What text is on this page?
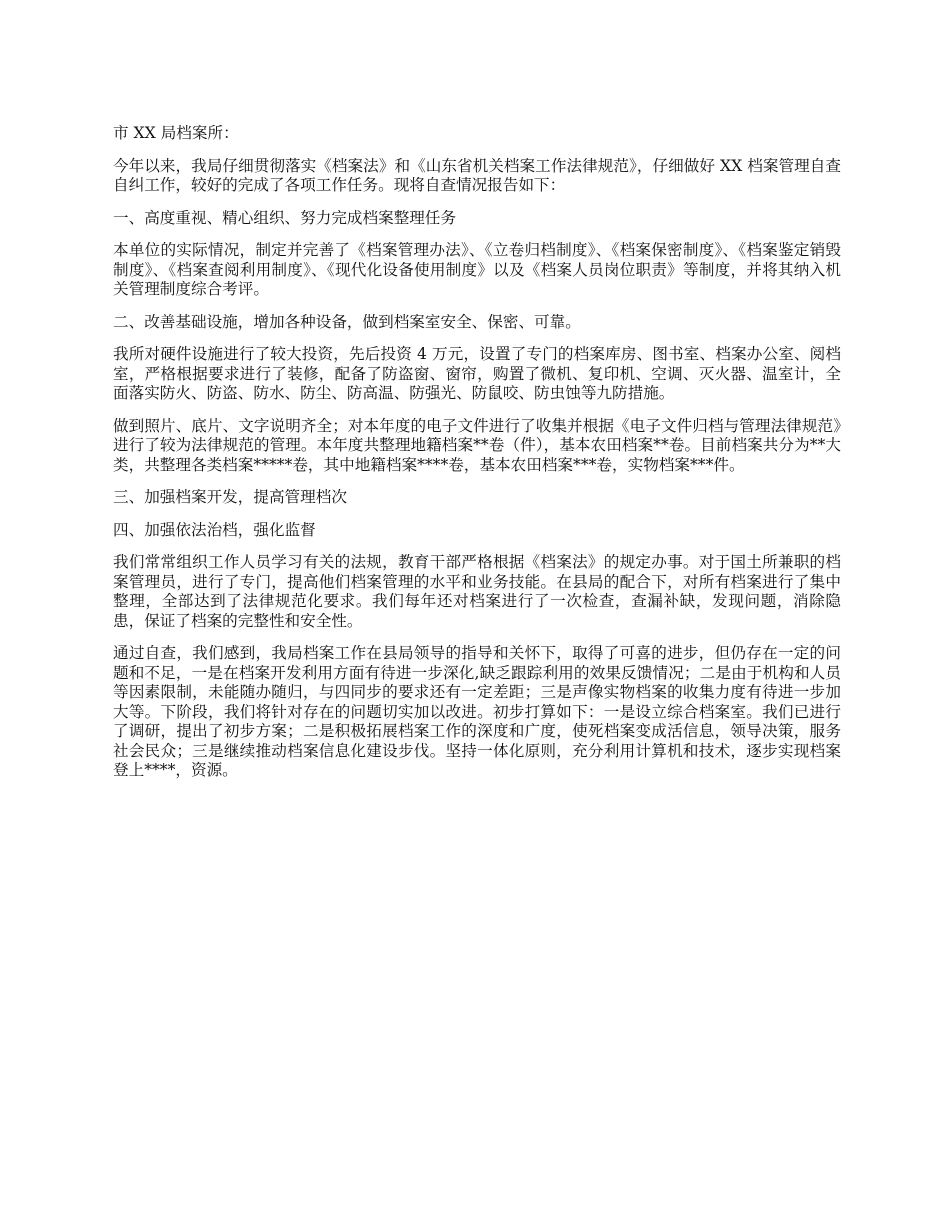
市 XX 局档案所：

今年以来，我局仔细贯彻落实《档案法》和《山东省机关档案工作法律规范》，仔细做好 XX 档案管理自查自纠工作，较好的完成了各项工作任务。现将自查情况报告如下：

一、高度重视、精心组织、努力完成档案整理任务

本单位的实际情况，制定并完善了《档案管理办法》、《立卷归档制度》、《档案保密制度》、《档案鉴定销毁制度》、《档案查阅利用制度》、《现代化设备使用制度》以及《档案人员岗位职责》等制度，并将其纳入机关管理制度综合考评。

二、改善基础设施，增加各种设备，做到档案室安全、保密、可靠。

我所对硬件设施进行了较大投资，先后投资 4 万元，设置了专门的档案库房、图书室、档案办公室、阅档室，严格根据要求进行了装修，配备了防盗窗、窗帘，购置了微机、复印机、空调、灭火器、温室计，全面落实防火、防盗、防水、防尘、防高温、防强光、防鼠咬、防虫蚀等九防措施。

做到照片、底片、文字说明齐全；对本年度的电子文件进行了收集并根据《电子文件归档与管理法律规范》进行了较为法律规范的管理。本年度共整理地籍档案**卷（件），基本农田档案**卷。目前档案共分为**大类，共整理各类档案*****卷，其中地籍档案****卷，基本农田档案***卷，实物档案***件。

三、加强档案开发，提高管理档次

四、加强依法治档，强化监督

我们常常组织工作人员学习有关的法规，教育干部严格根据《档案法》的规定办事。对于国土所兼职的档案管理员，进行了专门，提高他们档案管理的水平和业务技能。在县局的配合下，对所有档案进行了集中整理，全部达到了法律规范化要求。我们每年还对档案进行了一次检查，查漏补缺，发现问题，消除隐患，保证了档案的完整性和安全性。

通过自查，我们感到，我局档案工作在县局领导的指导和关怀下，取得了可喜的进步，但仍存在一定的问题和不足，一是在档案开发利用方面有待进一步深化,缺乏跟踪利用的效果反馈情况；二是由于机构和人员等因素限制，未能随办随归，与四同步的要求还有一定差距；三是声像实物档案的收集力度有待进一步加大等。下阶段，我们将针对存在的问题切实加以改进。初步打算如下：一是设立综合档案室。我们已进行了调研，提出了初步方案；二是积极拓展档案工作的深度和广度，使死档案变成活信息，领导决策，服务社会民众；三是继续推动档案信息化建设步伐。坚持一体化原则，充分利用计算机和技术，逐步实现档案登上****，资源。
